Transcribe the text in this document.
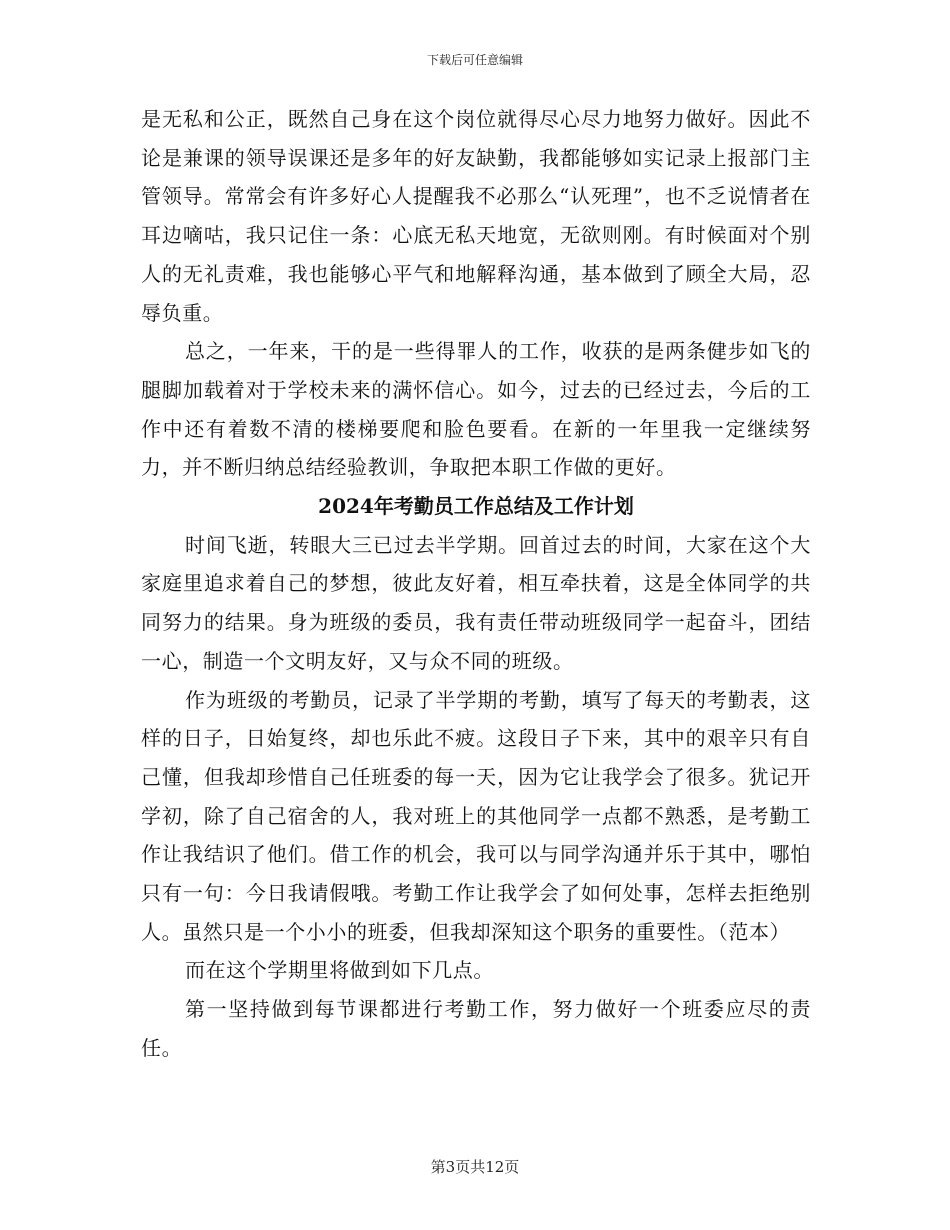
下载后可任意编辑

是无私和公正，既然自己身在这个岗位就得尽心尽力地努力做好。因此不论是兼课的领导误课还是多年的好友缺勤，我都能够如实记录上报部门主管领导。常常会有许多好心人提醒我不必那么“认死理”，也不乏说情者在耳边嘀咕，我只记住一条：心底无私天地宽，无欲则刚。有时候面对个别人的无礼责难，我也能够心平气和地解释沟通，基本做到了顾全大局，忍辱负重。

总之，一年来，干的是一些得罪人的工作，收获的是两条健步如飞的腿脚加载着对于学校未来的满怀信心。如今，过去的已经过去，今后的工作中还有着数不清的楼梯要爬和脸色要看。在新的一年里我一定继续努力，并不断归纳总结经验教训，争取把本职工作做的更好。

2024年考勤员工作总结及工作计划

时间飞逝，转眼大三已过去半学期。回首过去的时间，大家在这个大家庭里追求着自己的梦想，彼此友好着，相互牵扶着，这是全体同学的共同努力的结果。身为班级的委员，我有责任带动班级同学一起奋斗，团结一心，制造一个文明友好，又与众不同的班级。

作为班级的考勤员，记录了半学期的考勤，填写了每天的考勤表，这样的日子，日始复终，却也乐此不疲。这段日子下来，其中的艰辛只有自己懂，但我却珍惜自己任班委的每一天，因为它让我学会了很多。犹记开学初，除了自己宿舍的人，我对班上的其他同学一点都不熟悉，是考勤工作让我结识了他们。借工作的机会，我可以与同学沟通并乐于其中，哪怕只有一句：今日我请假哦。考勤工作让我学会了如何处事，怎样去拒绝别人。虽然只是一个小小的班委，但我却深知这个职务的重要性。（范本）

而在这个学期里将做到如下几点。

第一坚持做到每节课都进行考勤工作，努力做好一个班委应尽的责任。

第3页共12页
